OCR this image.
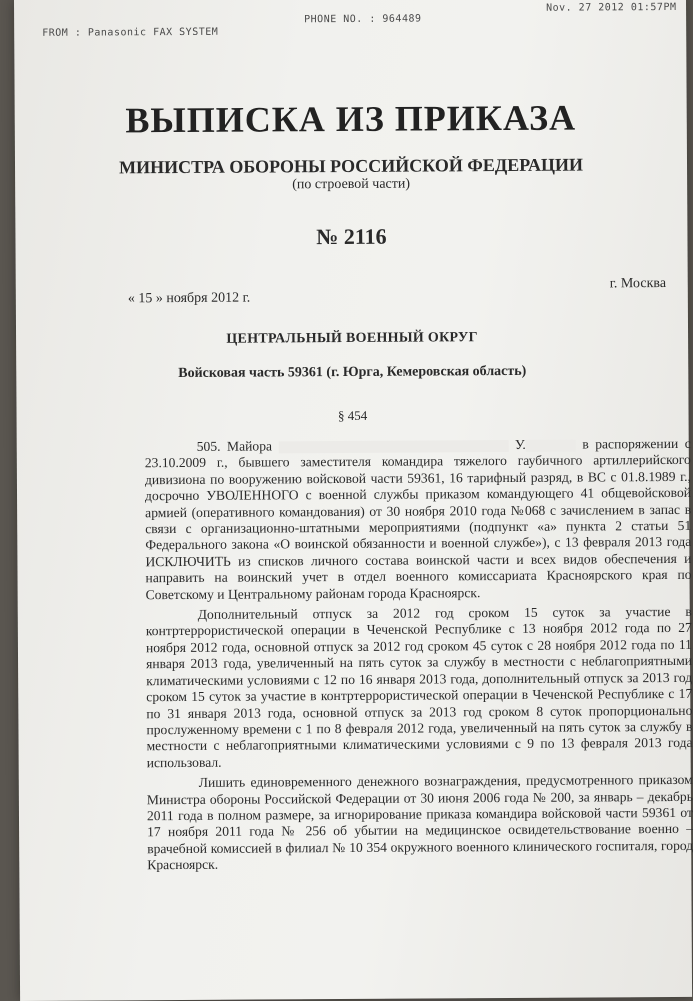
FROM : Panasonic FAX SYSTEM
PHONE NO. : 964489
Nov. 27 2012 01:57PM
ВЫПИСКА ИЗ ПРИКАЗА
МИНИСТРА ОБОРОНЫ РОССИЙСКОЙ ФЕДЕРАЦИИ
(по строевой части)
№ 2116
« 15 » ноября 2012 г.
г. Москва
ЦЕНТРАЛЬНЫЙ ВОЕННЫЙ ОКРУГ
Войсковая часть 59361 (г. Юрга, Кемеровская область)
§ 454

505. Майора	У.	в распоряжении с 23.10.2009 г., бывшего заместителя командира тяжелого гаубичного артиллерийского дивизиона по вооружению войсковой части 59361, 16 тарифный разряд, в ВС с 01.8.1989 г., досрочно УВОЛЕННОГО с военной службы приказом командующего 41 общевойсковой армией (оперативного командования) от 30 ноября 2010 года №068 с зачислением в запас в связи с организационно-штатными мероприятиями (подпункт «а» пункта 2 статьи 51 Федерального закона «О воинской обязанности и военной службе»), с 13 февраля 2013 года ИСКЛЮЧИТЬ из списков личного состава воинской части и всех видов обеспечения и направить на воинский учет в отдел военного комиссариата Красноярского края по Советскому и Центральному районам города Красноярск.

Дополнительный отпуск за 2012 год сроком 15 суток за участие в контртеррористической операции в Чеченской Республике с 13 ноября 2012 года по 27 ноября 2012 года, основной отпуск за 2012 год сроком 45 суток с 28 ноября 2012 года по 11 января 2013 года, увеличенный на пять суток за службу в местности с неблагоприятными климатическими условиями с 12 по 16 января 2013 года, дополнительный отпуск за 2013 год сроком 15 суток за участие в контртеррористической операции в Чеченской Республике с 17 по 31 января 2013 года, основной отпуск за 2013 год сроком 8 суток пропорционально прослуженному времени с 1 по 8 февраля 2012 года, увеличенный на пять суток за службу в местности с неблагоприятными климатическими условиями с 9 по 13 февраля 2013 года использовал.

Лишить единовременного денежного вознаграждения, предусмотренного приказом Министра обороны Российской Федерации от 30 июня 2006 года № 200, за январь – декабрь 2011 года в полном размере, за игнорирование приказа командира войсковой части 59361 от 17 ноября 2011 года № 256 об убытии на медицинское освидетельствование военно – врачебной комиссией в филиал № 10 354 окружного военного клинического госпиталя, город Красноярск.
